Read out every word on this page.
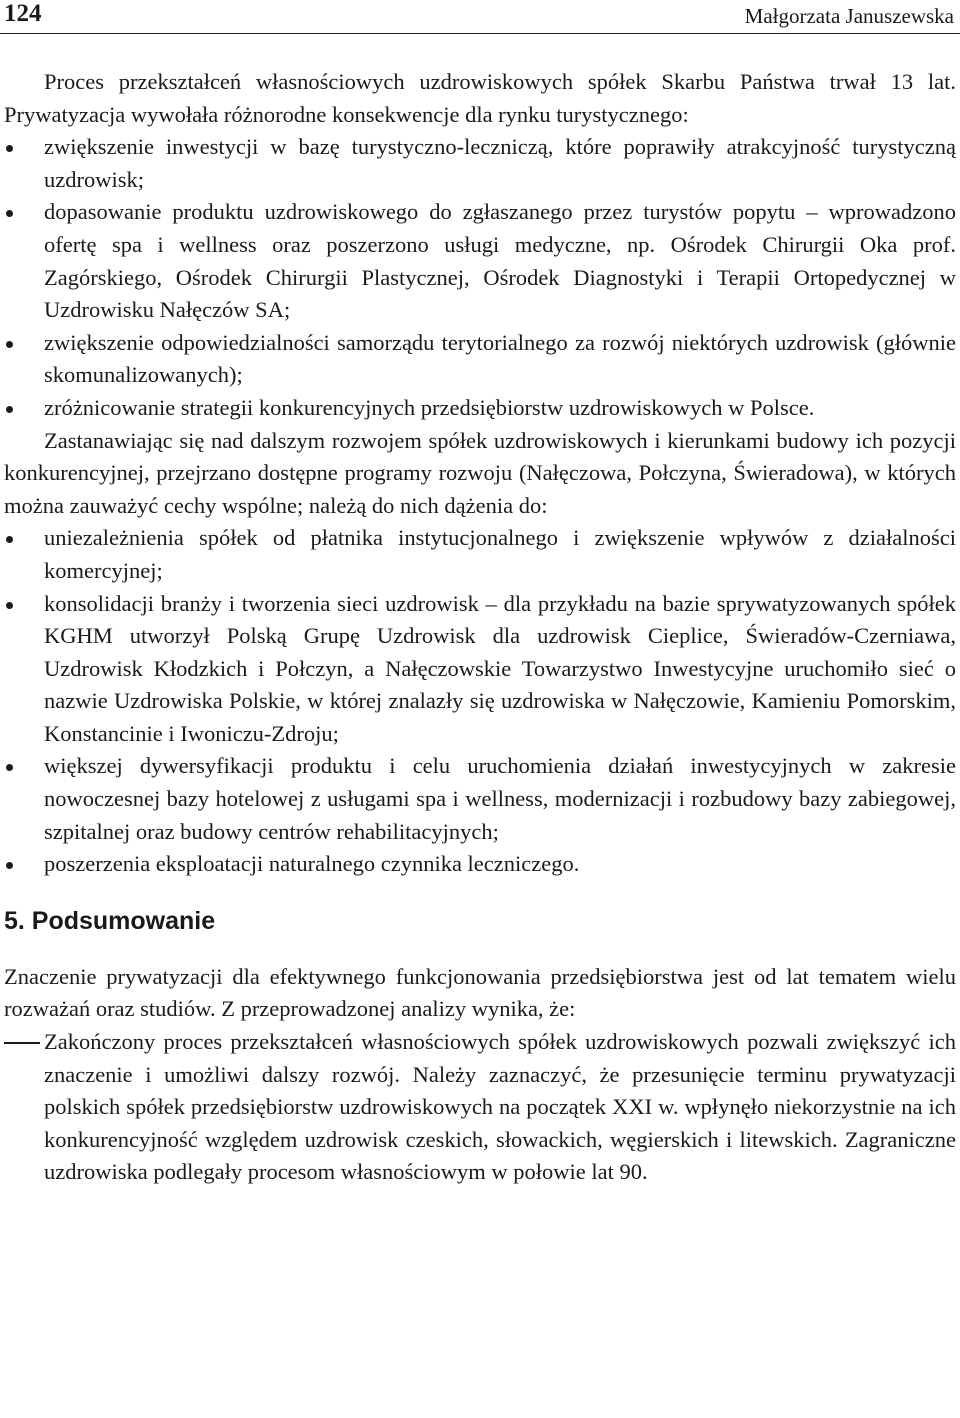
124	Małgorzata Januszewska

Proces przekształceń własnościowych uzdrowiskowych spółek Skarbu Państwa trwał 13 lat. Prywatyzacja wywołała różnorodne konsekwencje dla rynku turystycznego:

zwiększenie inwestycji w bazę turystyczno-leczniczą, które poprawiły atrakcyjność turystyczną uzdrowisk;
dopasowanie produktu uzdrowiskowego do zgłaszanego przez turystów popytu – wprowadzono ofertę spa i wellness oraz poszerzono usługi medyczne, np. Ośrodek Chirurgii Oka prof. Zagórskiego, Ośrodek Chirurgii Plastycznej, Ośrodek Diagnostyki i Terapii Ortopedycznej w Uzdrowisku Nałęczów SA;
zwiększenie odpowiedzialności samorządu terytorialnego za rozwój niektórych uzdrowisk (głównie skomunalizowanych);
zróżnicowanie strategii konkurencyjnych przedsiębiorstw uzdrowiskowych w Polsce.

Zastanawiając się nad dalszym rozwojem spółek uzdrowiskowych i kierunkami budowy ich pozycji konkurencyjnej, przejrzano dostępne programy rozwoju (Nałęczowa, Połczyna, Świeradowa), w których można zauważyć cechy wspólne; należą do nich dążenia do:

uniezależnienia spółek od płatnika instytucjonalnego i zwiększenie wpływów z działalności komercyjnej;
konsolidacji branży i tworzenia sieci uzdrowisk – dla przykładu na bazie sprywatyzowanych spółek KGHM utworzył Polską Grupę Uzdrowisk dla uzdrowisk Cieplice, Świeradów-Czerniawa, Uzdrowisk Kłodzkich i Połczyn, a Nałęczowskie Towarzystwo Inwestycyjne uruchomiło sieć o nazwie Uzdrowiska Polskie, w której znalazły się uzdrowiska w Nałęczowie, Kamieniu Pomorskim, Konstancinie i Iwoniczu-Zdroju;
większej dywersyfikacji produktu i celu uruchomienia działań inwestycyjnych w zakresie nowoczesnej bazy hotelowej z usługami spa i wellness, modernizacji i rozbudowy bazy zabiegowej, szpitalnej oraz budowy centrów rehabilitacyjnych;
poszerzenia eksploatacji naturalnego czynnika leczniczego.
5. Podsumowanie

Znaczenie prywatyzacji dla efektywnego funkcjonowania przedsiębiorstwa jest od lat tematem wielu rozważań oraz studiów. Z przeprowadzonej analizy wynika, że:

Zakończony proces przekształceń własnościowych spółek uzdrowiskowych pozwali zwiększyć ich znaczenie i umożliwi dalszy rozwój. Należy zaznaczyć, że przesunięcie terminu prywatyzacji polskich spółek przedsiębiorstw uzdrowiskowych na początek XXI w. wpłynęło niekorzystnie na ich konkurencyjność względem uzdrowisk czeskich, słowackich, węgierskich i litewskich. Zagraniczne uzdrowiska podlegały procesom własnościowym w połowie lat 90.
